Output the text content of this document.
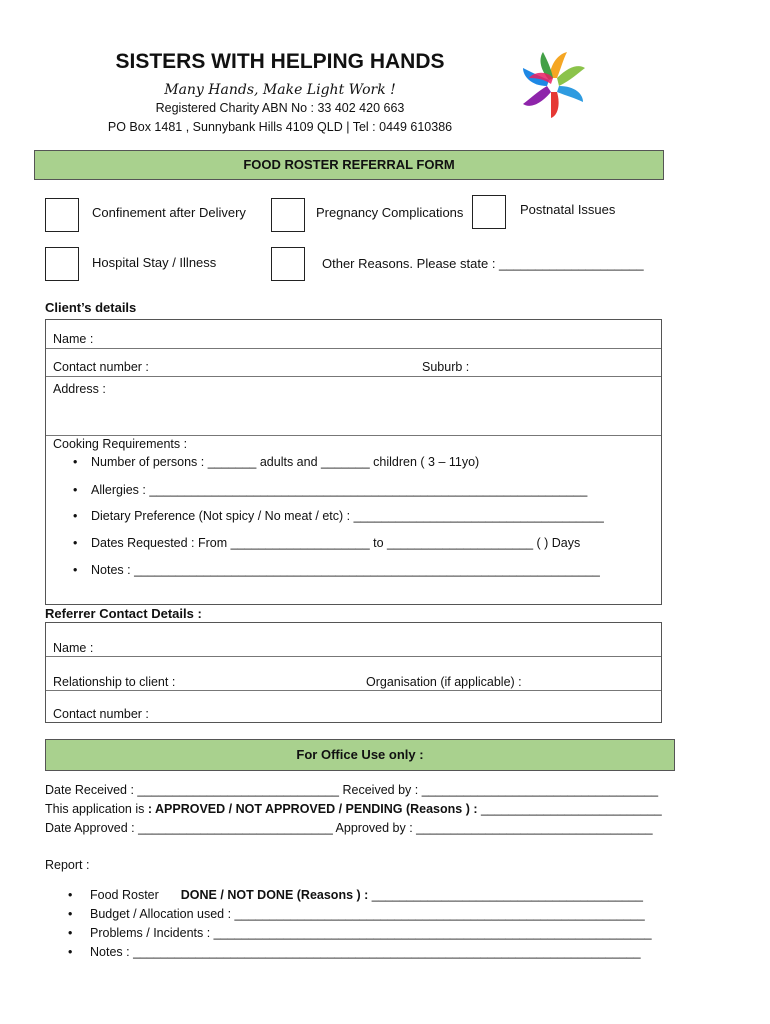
SISTERS WITH HELPING HANDS
Many Hands, Make Light Work !
Registered Charity ABN No : 33 402 420 663
PO Box 1481 , Sunnybank Hills 4109 QLD | Tel : 0449 610386
FOOD ROSTER REFERRAL FORM
Confinement after Delivery	Pregnancy Complications	Postnatal Issues
Hospital Stay / Illness	Other Reasons. Please state : ____________________
Client’s details
Name :
Contact number :	Suburb :
Address :
Cooking Requirements :
• Number of persons : _______ adults and _______ children ( 3 – 11yo)
• Allergies : _______________________________________________________________
• Dietary Preference (Not spicy / No meat / etc) : ____________________________________
• Dates Requested : From ____________________ to _____________________ ( ) Days
• Notes : ___________________________________________________________________
Referrer Contact Details :
Name :
Relationship to client :	Organisation (if applicable) :
Contact number :
For Office Use only :
Date Received : _____________________________ Received by : __________________________________
This application is : APPROVED / NOT APPROVED / PENDING (Reasons ) : __________________________
Date Approved : ____________________________ Approved by : __________________________________
Report :
• Food Roster DONE / NOT DONE (Reasons ) : _______________________________________
• Budget / Allocation used : ___________________________________________________________
• Problems / Incidents : _______________________________________________________________
• Notes : _________________________________________________________________________
